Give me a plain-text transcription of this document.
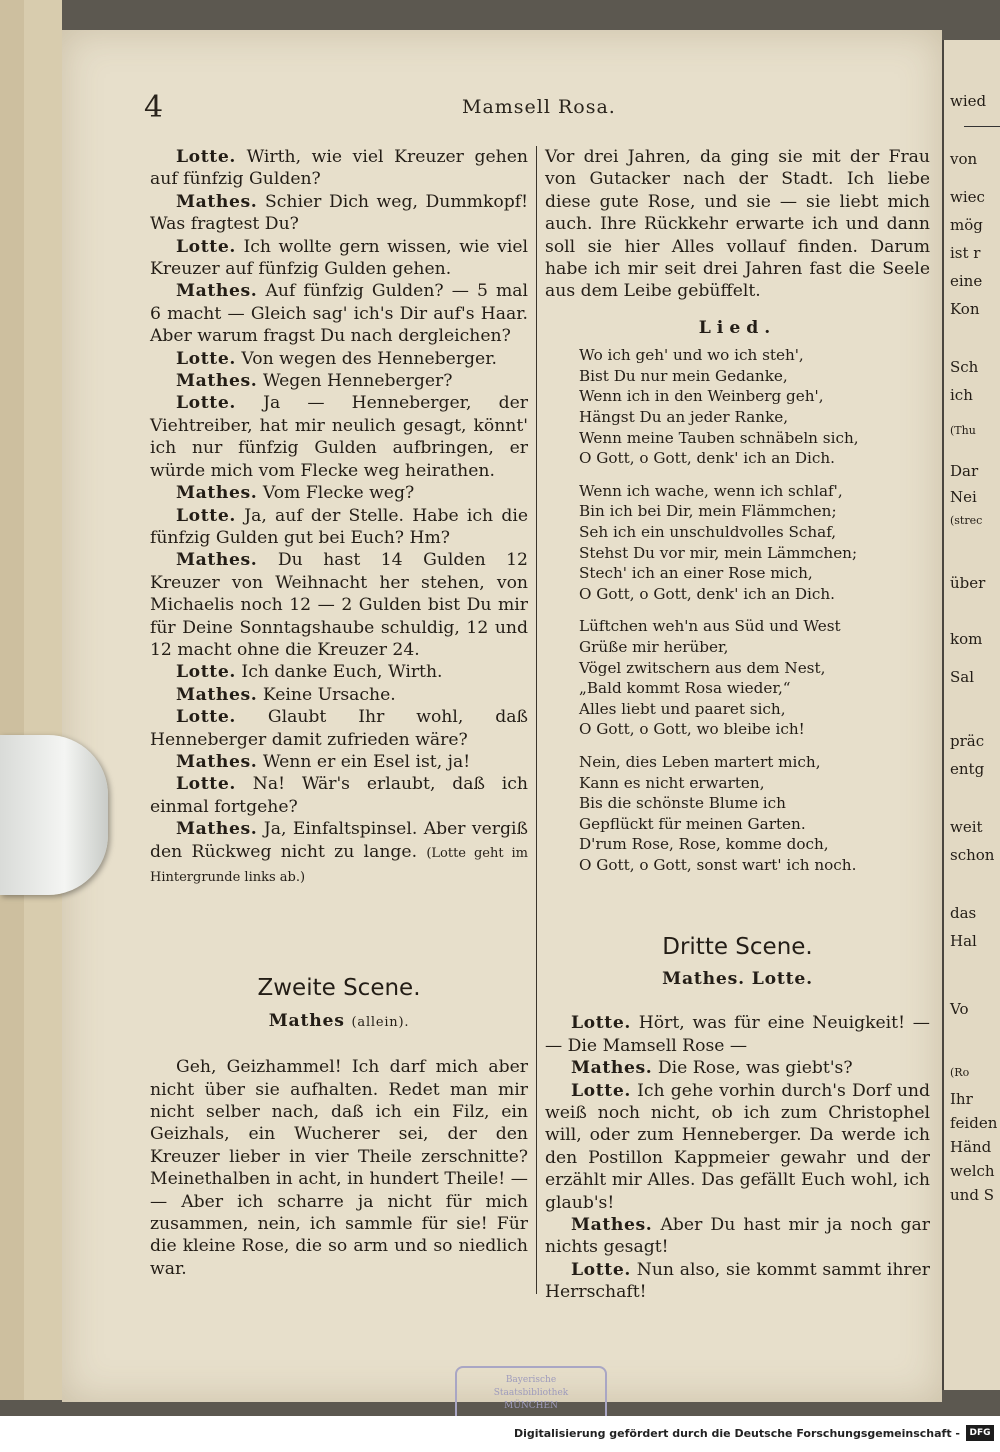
wied
von
wiec
mög
ist r
eine
Kon
Sch
ich
(Thu
Dar
Nei
(strec
über
kom
Sal
präc
entg
weit
schon
das
Hal
Vo
(Ro
Ihr
feiden
Händ
welch
und S
4	Mamsell Rosa.

Lotte. Wirth, wie viel Kreuzer gehen auf fünfzig Gulden?

Mathes. Schier Dich weg, Dummkopf! Was fragtest Du?

Lotte. Ich wollte gern wissen, wie viel Kreuzer auf fünfzig Gulden gehen.

Mathes. Auf fünfzig Gulden? — 5 mal 6 macht — Gleich sag' ich's Dir auf's Haar. Aber warum fragst Du nach dergleichen?

Lotte. Von wegen des Henneberger.

Mathes. Wegen Henneberger?

Lotte. Ja — Henneberger, der Viehtreiber, hat mir neulich gesagt, könnt' ich nur fünfzig Gulden aufbringen, er würde mich vom Flecke weg heirathen.

Mathes. Vom Flecke weg?

Lotte. Ja, auf der Stelle. Habe ich die fünfzig Gulden gut bei Euch? Hm?

Mathes. Du hast 14 Gulden 12 Kreuzer von Weihnacht her stehen, von Michaelis noch 12 — 2 Gulden bist Du mir für Deine Sonntagshaube schuldig, 12 und 12 macht ohne die Kreuzer 24.

Lotte. Ich danke Euch, Wirth.

Mathes. Keine Ursache.

Lotte. Glaubt Ihr wohl, daß Henneberger damit zufrieden wäre?

Mathes. Wenn er ein Esel ist, ja!

Lotte. Na! Wär's erlaubt, daß ich einmal fortgehe?

Mathes. Ja, Einfaltspinsel. Aber vergiß den Rückweg nicht zu lange. (Lotte geht im Hintergrunde links ab.)

Zweite Scene.

Mathes (allein).

Geh, Geizhammel! Ich darf mich aber nicht über sie aufhalten. Redet man mir nicht selber nach, daß ich ein Filz, ein Geizhals, ein Wucherer sei, der den Kreuzer lieber in vier Theile zerschnitte? Meinethalben in acht, in hundert Theile! — — Aber ich scharre ja nicht für mich zusammen, nein, ich sammle für sie! Für die kleine Rose, die so arm und so niedlich war.

Vor drei Jahren, da ging sie mit der Frau von Gutacker nach der Stadt. Ich liebe diese gute Rose, und sie — sie liebt mich auch. Ihre Rückkehr erwarte ich und dann soll sie hier Alles vollauf finden. Darum habe ich mir seit drei Jahren fast die Seele aus dem Leibe gebüffelt.

Lied.

Wo ich geh' und wo ich steh',
Bist Du nur mein Gedanke,
Wenn ich in den Weinberg geh',
Hängst Du an jeder Ranke,
Wenn meine Tauben schnäbeln sich,
O Gott, o Gott, denk' ich an Dich.
Wenn ich wache, wenn ich schlaf',
Bin ich bei Dir, mein Flämmchen;
Seh ich ein unschuldvolles Schaf,
Stehst Du vor mir, mein Lämmchen;
Stech' ich an einer Rose mich,
O Gott, o Gott, denk' ich an Dich.
Lüftchen weh'n aus Süd und West
Grüße mir herüber,
Vögel zwitschern aus dem Nest,
„Bald kommt Rosa wieder,“
Alles liebt und paaret sich,
O Gott, o Gott, wo bleibe ich!
Nein, dies Leben martert mich,
Kann es nicht erwarten,
Bis die schönste Blume ich
Gepflückt für meinen Garten.
D'rum Rose, Rose, komme doch,
O Gott, o Gott, sonst wart' ich noch.

Dritte Scene.

Mathes. Lotte.

Lotte. Hört, was für eine Neuigkeit! — — Die Mamsell Rose —

Mathes. Die Rose, was giebt's?

Lotte. Ich gehe vorhin durch's Dorf und weiß noch nicht, ob ich zum Christophel will, oder zum Henneberger. Da werde ich den Postillon Kappmeier gewahr und der erzählt mir Alles. Das gefällt Euch wohl, ich glaub's!

Mathes. Aber Du hast mir ja noch gar nichts gesagt!

Lotte. Nun also, sie kommt sammt ihrer Herrschaft!

Bayerische
Staatsbibliothek
MÜNCHEN
Digitalisierung gefördert durch die Deutsche Forschungsgemeinschaft -	DFG
